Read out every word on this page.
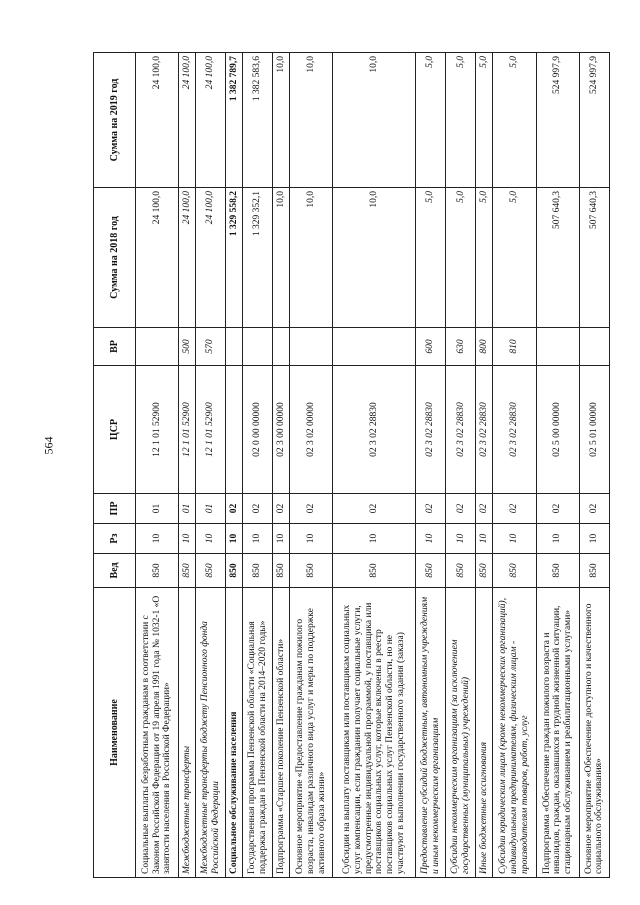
564
Наименование	Вед	Рз	ПР	ЦСР	ВР	Сумма на 2018 год	Сумма на 2019 год
Социальные выплаты безработным гражданам в соответствии с Законом Российской Федерации от 19 апреля 1991 года № 1032-1 «О занятости населения в Российской Федерации»	850	10	01	12 1 01 52900		24 100,0	24 100,0
Межбюджетные трансферты	850	10	01	12 1 01 52900	500	24 100,0	24 100,0
Межбюджетные трансферты бюджету Пенсионного фонда Российской Федерации	850	10	01	12 1 01 52900	570	24 100,0	24 100,0
Социальное обслуживание населения	850	10	02			1 329 558,2	1 382 789,7
Государственная программа Пензенской области «Социальная поддержка граждан в Пензенской области на 2014–2020 годы»	850	10	02	02 0 00 00000		1 329 352,1	1 382 583,6
Подпрограмма «Старшее поколение Пензенской области»	850	10	02	02 3 00 00000		10,0	10,0
Основное мероприятие «Предоставление гражданам пожилого возраста, инвалидам различного вида услуг и меры по поддержке активного образа жизни»	850	10	02	02 3 02 00000		10,0	10,0
Субсидии на выплату поставщикам или поставщикам социальных услуг компенсации, если гражданин получает социальные услуги, предусмотренные индивидуальной программой, у поставщика или поставщиков социальных услуг, которые включены в реестр поставщиков социальных услуг Пензенской области, но не участвуют в выполнении государственного задания (заказа)	850	10	02	02 3 02 28830		10,0	10,0
Предоставление субсидий бюджетным, автономным учреждениям и иным некоммерческим организациям	850	10	02	02 3 02 28830	600	5,0	5,0
Субсидии некоммерческим организациям (за исключением государственных (муниципальных) учреждений)	850	10	02	02 3 02 28830	630	5,0	5,0
Иные бюджетные ассигнования	850	10	02	02 3 02 28830	800	5,0	5,0
Субсидии юридическим лицам (кроме некоммерческих организаций), индивидуальным предпринимателям, физическим лицам - производителям товаров, работ, услуг	850	10	02	02 3 02 28830	810	5,0	5,0
Подпрограмма «Обеспечение граждан пожилого возраста и инвалидов, граждан, оказавшихся в трудной жизненной ситуации, стационарным обслуживанием и реабилитационными услугами»	850	10	02	02 5 00 00000		507 640,3	524 997,9
Основное мероприятие «Обеспечение доступного и качественного социального обслуживания»	850	10	02	02 5 01 00000		507 640,3	524 997,9
